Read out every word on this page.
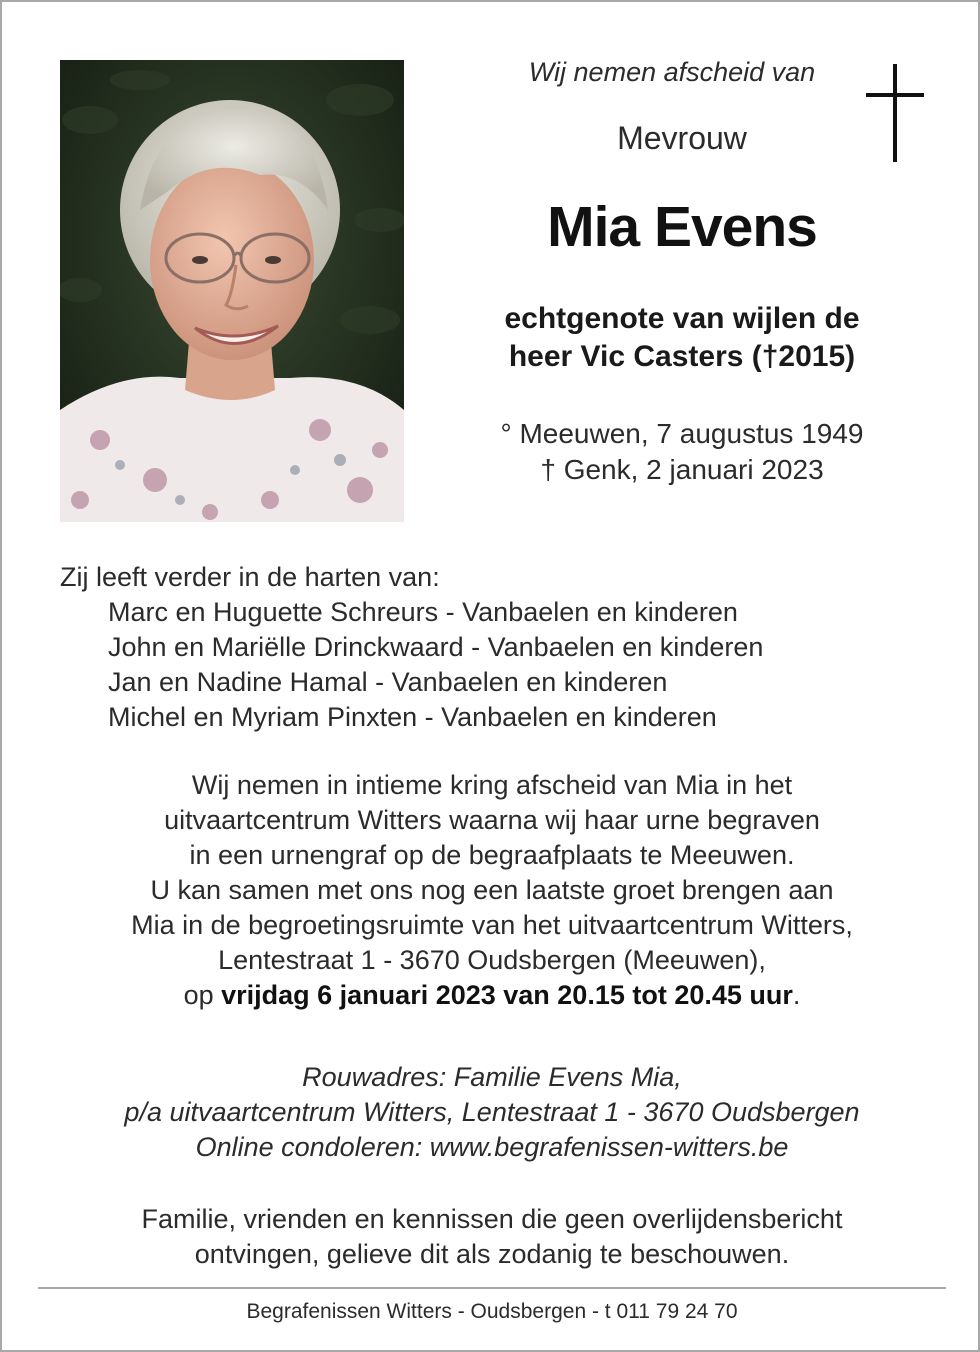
Wij nemen afscheid van
Mevrouw
Mia Evens
echtgenote van wijlen de
heer Vic Casters (†2015)
° Meeuwen, 7 augustus 1949
† Genk, 2 januari 2023

Zij leeft verder in de harten van:

Marc en Huguette Schreurs - Vanbaelen en kinderen
John en Mariëlle Drinckwaard - Vanbaelen en kinderen
Jan en Nadine Hamal - Vanbaelen en kinderen
Michel en Myriam Pinxten - Vanbaelen en kinderen

Wij nemen in intieme kring afscheid van Mia in het

uitvaartcentrum Witters waarna wij haar urne begraven

in een urnengraf op de begraafplaats te Meeuwen.

U kan samen met ons nog een laatste groet brengen aan

Mia in de begroetingsruimte van het uitvaartcentrum Witters,

Lentestraat 1 - 3670 Oudsbergen (Meeuwen),

op vrijdag 6 januari 2023 van 20.15 tot 20.45 uur.

Rouwadres: Familie Evens Mia,

p/a uitvaartcentrum Witters, Lentestraat 1 - 3670 Oudsbergen

Online condoleren: www.begrafenissen-witters.be

Familie, vrienden en kennissen die geen overlijdensbericht

ontvingen, gelieve dit als zodanig te beschouwen.

Begrafenissen Witters - Oudsbergen - t 011 79 24 70
